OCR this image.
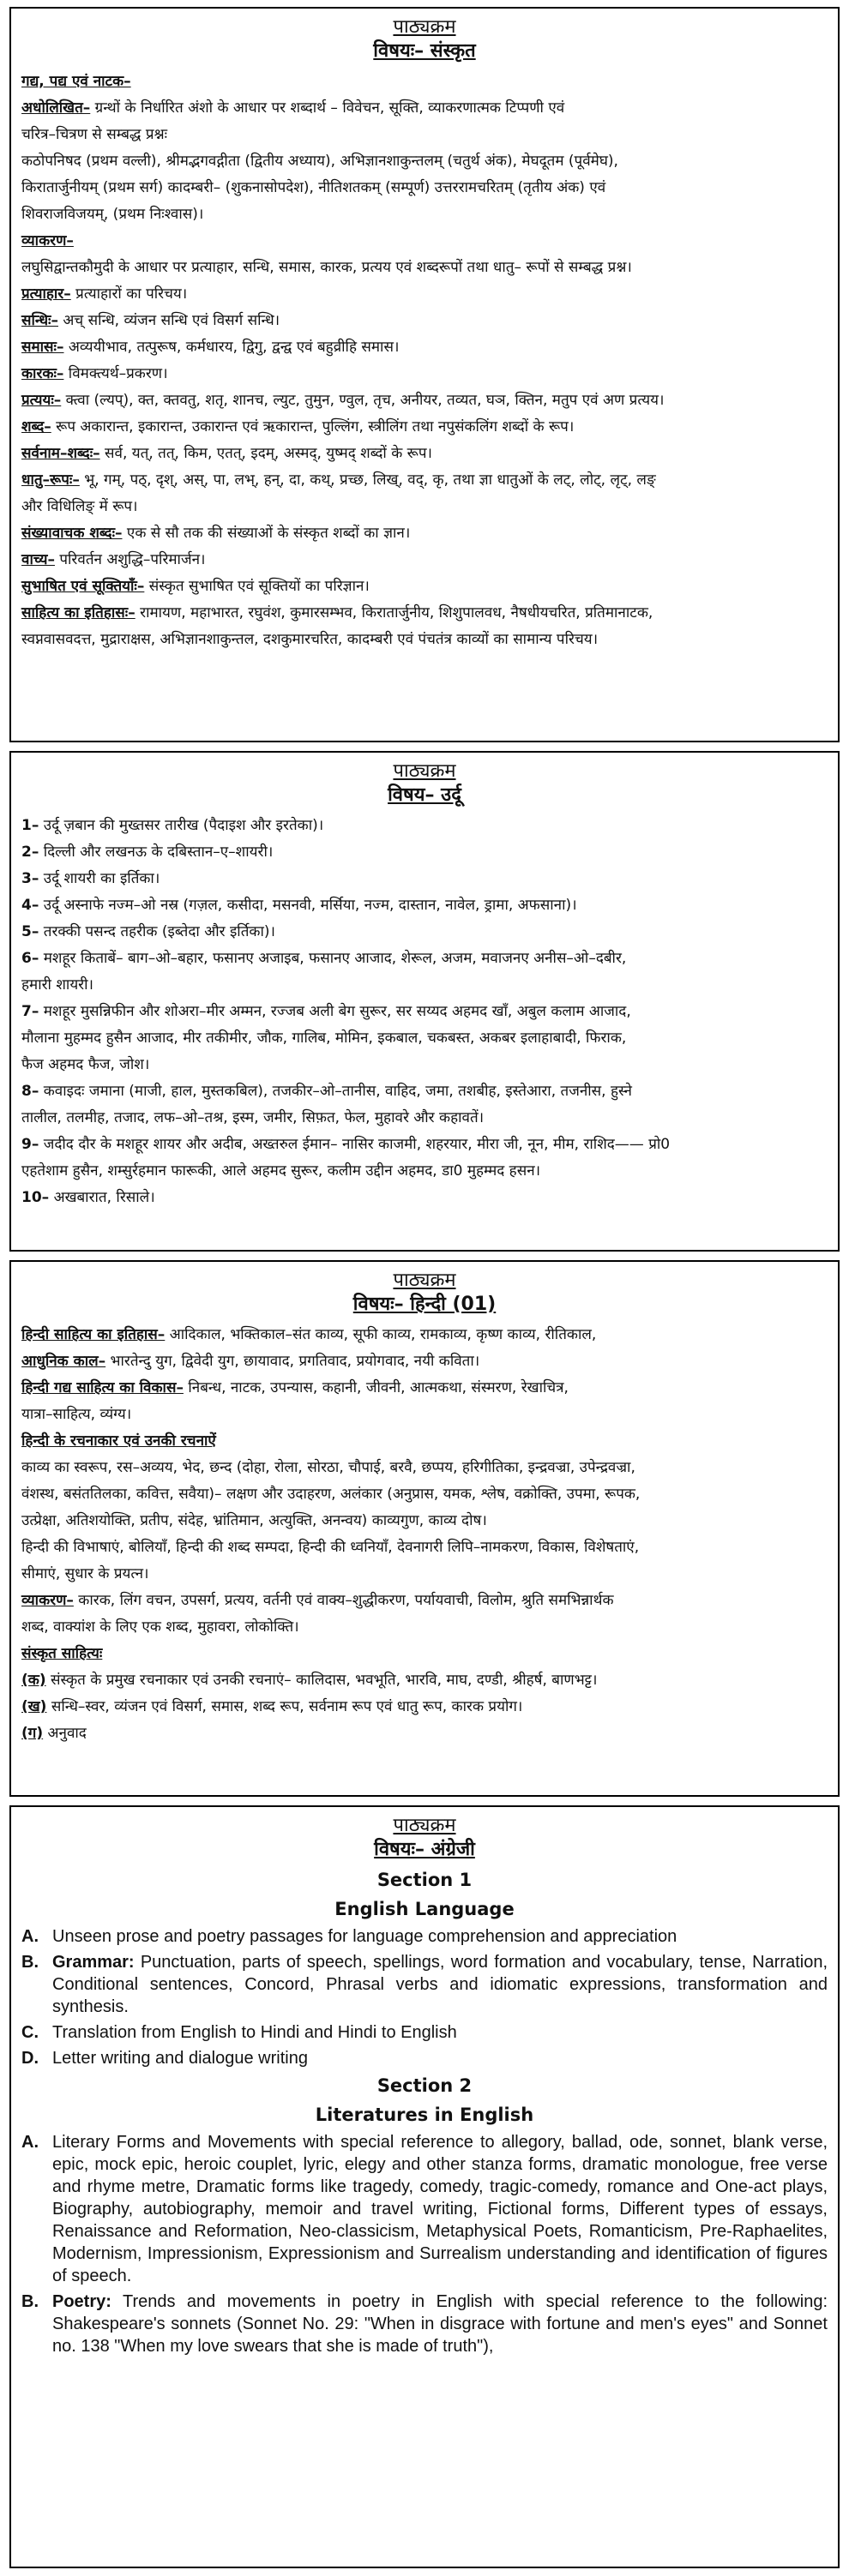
पाठ्यक्रम
विषयः– संस्कृत
गद्य, पद्य एवं नाटक–
अधोलिखित– ग्रन्थों के निर्धारित अंशो के आधार पर शब्दार्थ – विवेचन, सूक्ति, व्याकरणात्मक टिप्पणी एवं
चरित्र–चित्रण से सम्बद्ध प्रश्नः
कठोपनिषद (प्रथम वल्ली), श्रीमद्भगवद्गीता (द्वितीय अध्याय), अभिज्ञानशाकुन्तलम् (चतुर्थ अंक), मेघदूतम (पूर्वमेघ),
किरातार्जुनीयम् (प्रथम सर्ग) कादम्बरी– (शुकनासोपदेश), नीतिशतकम् (सम्पूर्ण) उत्तररामचरितम् (तृतीय अंक) एवं
शिवराजविजयम्, (प्रथम निःश्वास)।
व्याकरण–
लघुसिद्वान्तकौमुदी के आधार पर प्रत्याहार, सन्धि, समास, कारक, प्रत्यय एवं शब्दरूपों तथा धातु– रूपों से सम्बद्ध प्रश्न।
प्रत्याहार– प्रत्याहारों का परिचय।
सन्धिः– अच् सन्धि, व्यंजन सन्धि एवं विसर्ग सन्धि।
समासः– अव्ययीभाव, तत्पुरूष, कर्मधारय, द्विगु, द्वन्द्व एवं बहुव्रीहि समास।
कारकः– विमक्त्यर्थ–प्रकरण।
प्रत्ययः– क्त्वा (ल्यप्), क्त, क्तवतु, शतृ, शानच, ल्युट, तुमुन, ण्वुल, तृच, अनीयर, तव्यत, घञ, क्तिन, मतुप एवं अण प्रत्यय।
शब्द– रूप अकारान्त, इकारान्त, उकारान्त एवं ऋकारान्त, पुल्लिंग, स्त्रीलिंग तथा नपुसंकलिंग शब्दों के रूप।
सर्वनाम–शब्दः– सर्व, यत्, तत्, किम, एतत्, इदम्, अस्मद्, युष्मद् शब्दों के रूप।
धातु–रूपः– भू, गम्, पठ्, दृश्, अस्, पा, लभ्, हन्, दा, कथ्, प्रच्छ, लिख्, वद्, कृ, तथा ज्ञा धातुओं के लट्, लोट्, लृट्, लङ्
और विधिलिङ् में रूप।
संख्यावाचक शब्दः– एक से सौ तक की संख्याओं के संस्कृत शब्दों का ज्ञान।
वाच्य– परिवर्तन अशुद्धि–परिमार्जन।
सुभाषित एवं सूक्तियाँः– संस्कृत सुभाषित एवं सूक्तियों का परिज्ञान।
साहित्य का इतिहासः– रामायण, महाभारत, रघुवंश, कुमारसम्भव, किरातार्जुनीय, शिशुपालवध, नैषधीयचरित, प्रतिमानाटक,
स्वप्नवासवदत्त, मुद्राराक्षस, अभिज्ञानशाकुन्तल, दशकुमारचरित, कादम्बरी एवं पंचतंत्र काव्यों का सामान्य परिचय।
पाठ्यक्रम
विषय– उर्दू
1– उर्दू ज़बान की मुख्तसर तारीख (पैदाइश और इरतेका)।
2– दिल्ली और लखनऊ के दबिस्तान–ए–शायरी।
3– उर्दू शायरी का इर्तिका।
4– उर्दू अस्नाफे नज्म–ओ नस्र (गज़ल, कसीदा, मसनवी, मर्सिया, नज्म, दास्तान, नावेल, ड्रामा, अफसाना)।
5– तरक्की पसन्द तहरीक (इब्तेदा और इर्तिका)।
6– मशहूर किताबें– बाग–ओ–बहार, फसानए अजाइब, फसानए आजाद, शेरूल, अजम, मवाजनए अनीस–ओ–दबीर,
हमारी शायरी।
7– मशहूर मुसन्निफीन और शोअरा–मीर अम्मन, रज्जब अली बेग सुरूर, सर सय्यद अहमद खाँ, अबुल कलाम आजाद,
मौलाना मुहम्मद हुसैन आजाद, मीर तकीमीर, जौक, गालिब, मोमिन, इकबाल, चकबस्त, अकबर इलाहाबादी, फिराक,
फैज अहमद फैज, जोश।
8– कवाइदः जमाना (माजी, हाल, मुस्तकबिल), तजकीर–ओ–तानीस, वाहिद, जमा, तशबीह, इस्तेआरा, तजनीस, हुस्ने
तालील, तलमीह, तजाद, लफ–ओ–तश्र, इस्म, जमीर, सिफ़त, फेल, मुहावरे और कहावतें।
9– जदीद दौर के मशहूर शायर और अदीब, अख्तरुल ईमान– नासिर काजमी, शहरयार, मीरा जी, नून, मीम, राशिद—— प्रो0
एहतेशाम हुसैन, शम्सुर्रहमान फारूकी, आले अहमद सुरूर, कलीम उद्दीन अहमद, डा0 मुहम्मद हसन।
10– अखबारात, रिसाले।
पाठ्यक्रम
विषयः– हिन्दी (01)
हिन्दी साहित्य का इतिहास– आदिकाल, भक्तिकाल–संत काव्य, सूफी काव्य, रामकाव्य, कृष्ण काव्य, रीतिकाल,
आधुनिक काल– भारतेन्दु युग, द्विवेदी युग, छायावाद, प्रगतिवाद, प्रयोगवाद, नयी कविता।
हिन्दी गद्य साहित्य का विकास– निबन्ध, नाटक, उपन्यास, कहानी, जीवनी, आत्मकथा, संस्मरण, रेखाचित्र,
यात्रा–साहित्य, व्यंग्य।
हिन्दी के रचनाकार एवं उनकी रचनाऐं
काव्य का स्वरूप, रस–अव्यय, भेद, छन्द (दोहा, रोला, सोरठा, चौपाई, बरवै, छप्पय, हरिगीतिका, इन्द्रवज्रा, उपेन्द्रवज्रा,
वंशस्थ, बसंततिलका, कवित्त, सवैया)– लक्षण और उदाहरण, अलंकार (अनुप्रास, यमक, श्लेष, वक्रोक्ति, उपमा, रूपक,
उत्प्रेक्षा, अतिशयोक्ति, प्रतीप, संदेह, भ्रांतिमान, अत्युक्ति, अनन्वय) काव्यगुण, काव्य दोष।
हिन्दी की विभाषाएं, बोलियाँ, हिन्दी की शब्द सम्पदा, हिन्दी की ध्वनियाँ, देवनागरी लिपि–नामकरण, विकास, विशेषताएं,
सीमाएं, सुधार के प्रयत्न।
व्याकरण– कारक, लिंग वचन, उपसर्ग, प्रत्यय, वर्तनी एवं वाक्य–शुद्धीकरण, पर्यायवाची, विलोम, श्रुति समभिन्नार्थक
शब्द, वाक्यांश के लिए एक शब्द, मुहावरा, लोकोक्ति।
संस्कृत साहित्यः
(क) संस्कृत के प्रमुख रचनाकार एवं उनकी रचनाएं– कालिदास, भवभूति, भारवि, माघ, दण्डी, श्रीहर्ष, बाणभट्ट।
(ख) सन्धि–स्वर, व्यंजन एवं विसर्ग, समास, शब्द रूप, सर्वनाम रूप एवं धातु रूप, कारक प्रयोग।
(ग) अनुवाद
पाठ्यक्रम
विषयः– अंग्रेजी
Section 1
English Language
A. Unseen prose and poetry passages for language comprehension and appreciation
B. Grammar: Punctuation, parts of speech, spellings, word formation and vocabulary, tense, Narration, Conditional sentences, Concord, Phrasal verbs and idiomatic expressions, transformation and synthesis.
C. Translation from English to Hindi and Hindi to English
D. Letter writing and dialogue writing
Section 2
Literatures in English
A. Literary Forms and Movements with special reference to allegory, ballad, ode, sonnet, blank verse, epic, mock epic, heroic couplet, lyric, elegy and other stanza forms, dramatic monologue, free verse and rhyme metre, Dramatic forms like tragedy, comedy, tragic-comedy, romance and One-act plays, Biography, autobiography, memoir and travel writing, Fictional forms, Different types of essays, Renaissance and Reformation, Neo-classicism, Metaphysical Poets, Romanticism, Pre-Raphaelites, Modernism, Impressionism, Expressionism and Surrealism understanding and identification of figures of speech.
B. Poetry: Trends and movements in poetry in English with special reference to the following: Shakespeare's sonnets (Sonnet No. 29: "When in disgrace with fortune and men's eyes" and Sonnet no. 138 "When my love swears that she is made of truth"),
